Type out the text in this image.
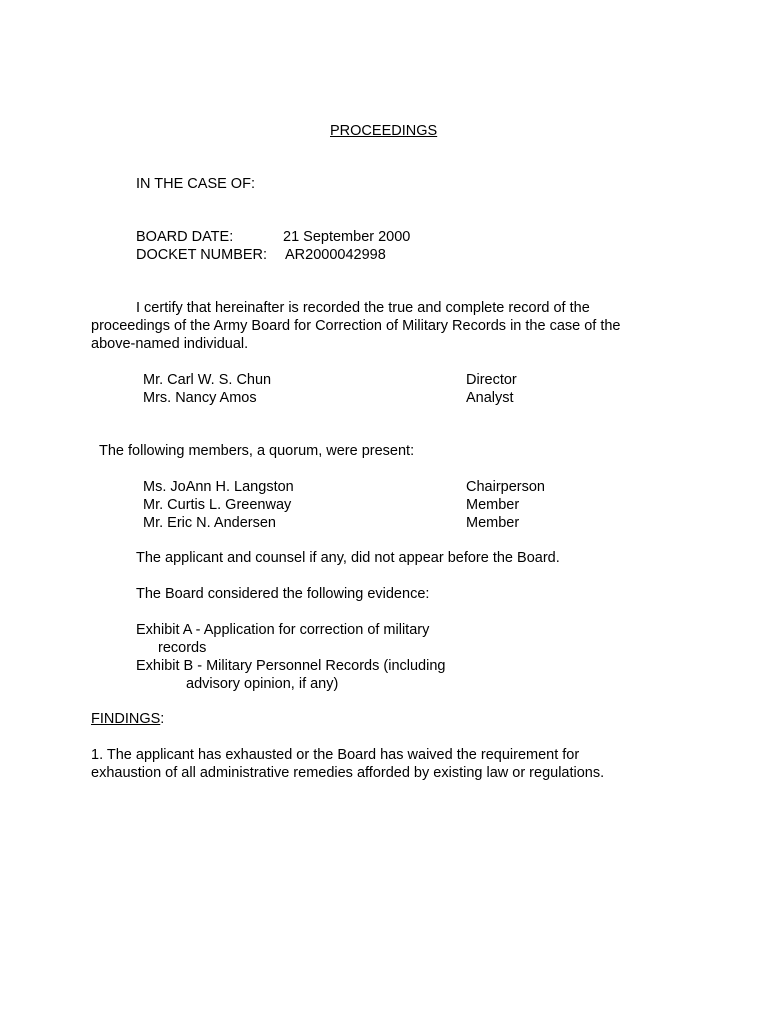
PROCEEDINGS
IN THE CASE OF:
BOARD DATE:	21 September 2000
DOCKET NUMBER: AR2000042998
I certify that hereinafter is recorded the true and complete record of the proceedings of the Army Board for Correction of Military Records in the case of the above-named individual.
Mr. Carl W. S. Chun	Director
Mrs. Nancy Amos	Analyst
The following members, a quorum, were present:
Ms. JoAnn H. Langston	Chairperson
Mr. Curtis L. Greenway	Member
Mr. Eric N. Andersen	Member
The applicant and counsel if any, did not appear before the Board.
The Board considered the following evidence:
Exhibit A - Application for correction of military
records
Exhibit B - Military Personnel Records (including
advisory opinion, if any)
FINDINGS:
1. The applicant has exhausted or the Board has waived the requirement for exhaustion of all administrative remedies afforded by existing law or regulations.
